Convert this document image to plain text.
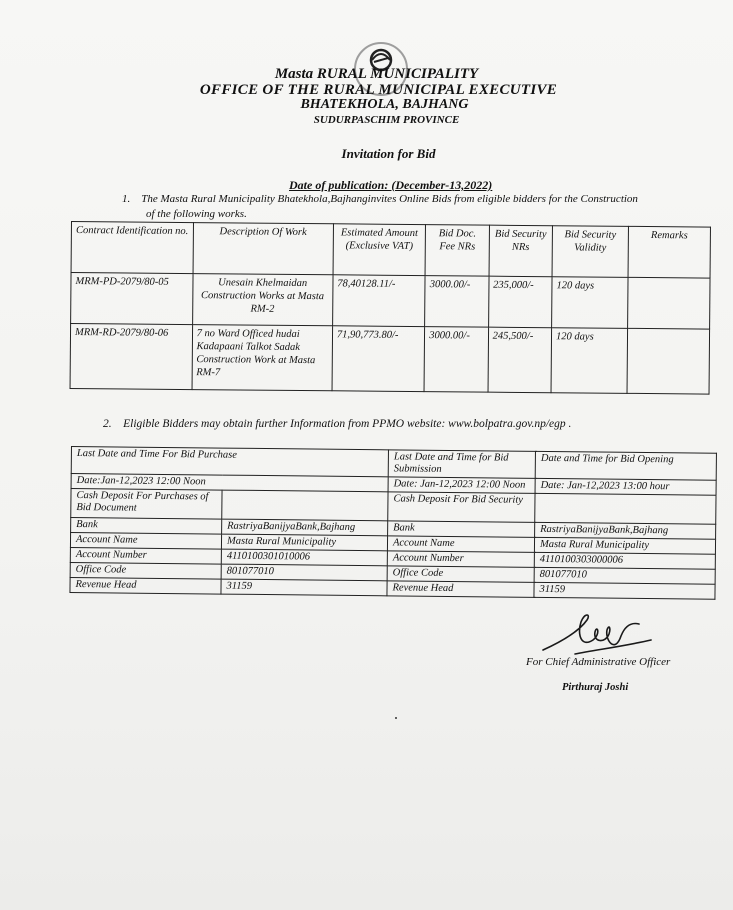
Masta RURAL MUNICIPALITY
OFFICE OF THE RURAL MUNICIPAL EXECUTIVE
BHATEKHOLA, BAJHANG
SUDURPASCHIM PROVINCE
Invitation for Bid
Date of publication: (December-13,2022)
1. The Masta Rural Municipality Bhatekhola,Bajhanginvites Online Bids from eligible bidders for the Construction
of the following works.
Contract Identification no.	Description Of Work	Estimated Amount (Exclusive VAT)	Bid Doc. Fee NRs	Bid Security NRs	Bid Security Validity	Remarks
MRM-PD-2079/80-05	Unesain Khelmaidan Construction Works at Masta RM-2	78,40128.11/-	3000.00/-	235,000/-	120 days	
MRM-RD-2079/80-06	7 no Ward Officed hudai Kadapaani Talkot Sadak Construction Work at Masta RM-7	71,90,773.80/-	3000.00/-	245,500/-	120 days	
2. Eligible Bidders may obtain further Information from PPMO website: www.bolpatra.gov.np/egp .
Last Date and Time For Bid Purchase		Last Date and Time for Bid Submission	Date and Time for Bid Opening
Date:Jan-12,2023 12:00 Noon		Date: Jan-12,2023 12:00 Noon	Date: Jan-12,2023 13:00 hour
Cash Deposit For Purchases of Bid Document		Cash Deposit For Bid Security	
Bank	RastriyaBanijyaBank,Bajhang	Bank	RastriyaBanijyaBank,Bajhang
Account Name	Masta Rural Municipality	Account Name	Masta Rural Municipality
Account Number	4110100301010006	Account Number	4110100303000006
Office Code	801077010	Office Code	801077010
Revenue Head	31159	Revenue Head	31159
For Chief Administrative Officer
Pirthuraj Joshi
